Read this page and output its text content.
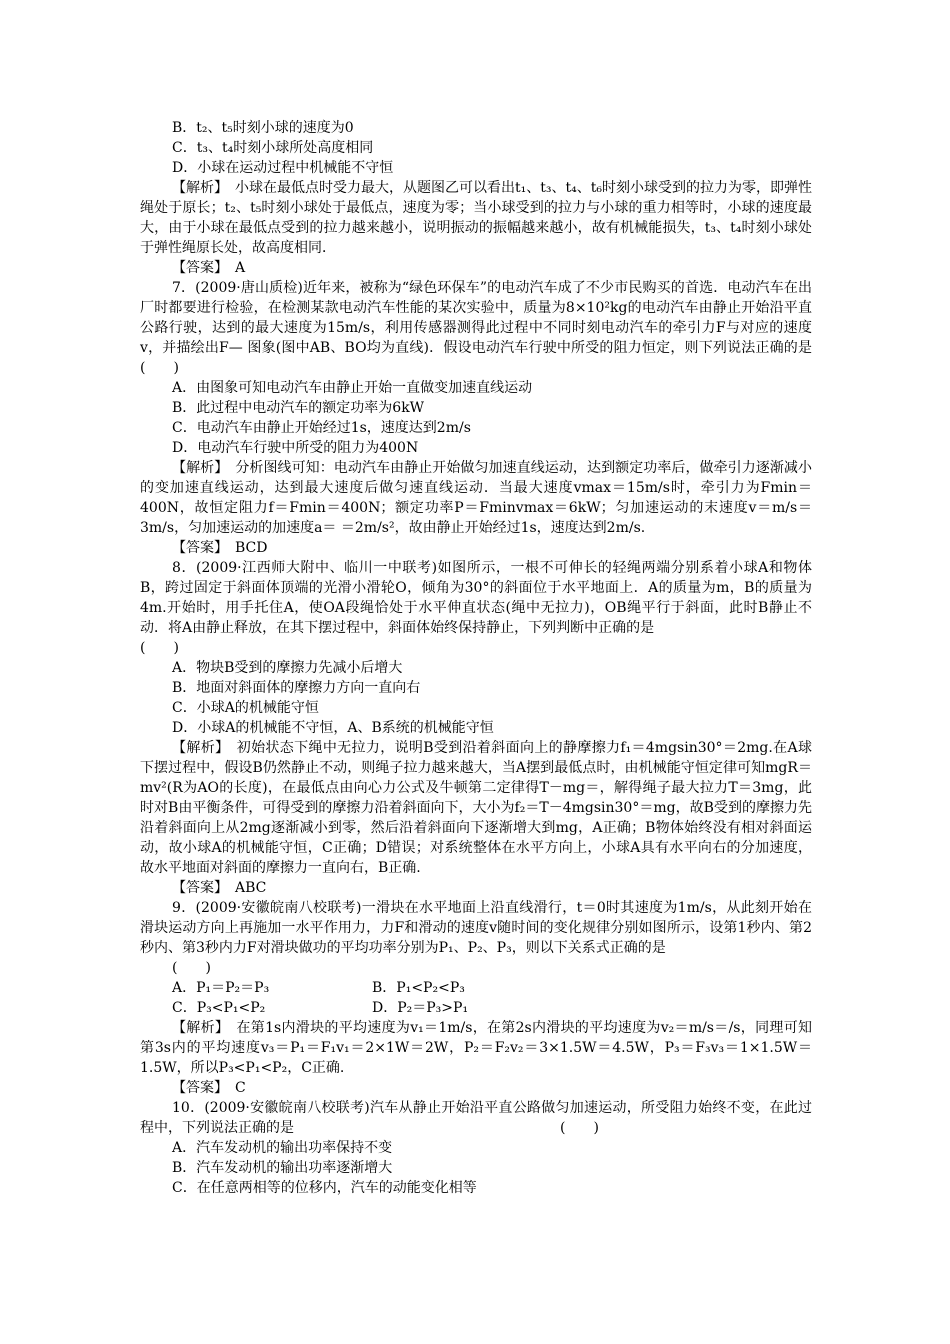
B．t₂、t₅时刻小球的速度为0

C．t₃、t₄时刻小球所处高度相同

D．小球在运动过程中机械能不守恒

【解析】　小球在最低点时受力最大，从题图乙可以看出t₁、t₃、t₄、t₆时刻小球受到的拉力为零，即弹性绳处于原长；t₂、t₅时刻小球处于最低点，速度为零；当小球受到的拉力与小球的重力相等时，小球的速度最大，由于小球在最低点受到的拉力越来越小，说明振动的振幅越来越小，故有机械能损失，t₃、t₄时刻小球处于弹性绳原长处，故高度相同．

【答案】　A

7．(2009·唐山质检)近年来，被称为“绿色环保车”的电动汽车成了不少市民购买的首选．电动汽车在出厂时都要进行检验，在检测某款电动汽车性能的某次实验中，质量为8×10²kg的电动汽车由静止开始沿平直公路行驶，达到的最大速度为15m/s，利用传感器测得此过程中不同时刻电动汽车的牵引力F与对应的速度v，并描绘出F— 图象(图中AB、BO均为直线)．假设电动汽车行驶中所受的阻力恒定，则下列说法正确的是　　　(　　)

A．由图象可知电动汽车由静止开始一直做变加速直线运动

B．此过程中电动汽车的额定功率为6kW

C．电动汽车由静止开始经过1s，速度达到2m/s

D．电动汽车行驶中所受的阻力为400N

【解析】　分析图线可知：电动汽车由静止开始做匀加速直线运动，达到额定功率后，做牵引力逐渐减小的变加速直线运动，达到最大速度后做匀速直线运动．当最大速度vmax＝15m/s时，牵引力为Fmin＝400N，故恒定阻力f＝Fmin＝400N；额定功率P＝Fminvmax＝6kW；匀加速运动的末速度v＝m/s＝3m/s，匀加速运动的加速度a＝ ＝2m/s²，故由静止开始经过1s，速度达到2m/s.

【答案】　BCD

8．(2009·江西师大附中、临川一中联考)如图所示，一根不可伸长的轻绳两端分别系着小球A和物体B，跨过固定于斜面体顶端的光滑小滑轮O，倾角为30°的斜面位于水平地面上．A的质量为m，B的质量为4m.开始时，用手托住A，使OA段绳恰处于水平伸直状态(绳中无拉力)，OB绳平行于斜面，此时B静止不动．将A由静止释放，在其下摆过程中，斜面体始终保持静止，下列判断中正确的是

(　　)

A．物块B受到的摩擦力先减小后增大

B．地面对斜面体的摩擦力方向一直向右

C．小球A的机械能守恒

D．小球A的机械能不守恒，A、B系统的机械能守恒

【解析】　初始状态下绳中无拉力，说明B受到沿着斜面向上的静摩擦力f₁＝4mgsin30°＝2mg.在A球下摆过程中，假设B仍然静止不动，则绳子拉力越来越大，当A摆到最低点时，由机械能守恒定律可知mgR＝mv²(R为AO的长度)，在最低点由向心力公式及牛顿第二定律得T－mg＝，解得绳子最大拉力T＝3mg，此时对B由平衡条件，可得受到的摩擦力沿着斜面向下，大小为f₂＝T－4mgsin30°＝mg，故B受到的摩擦力先沿着斜面向上从2mg逐渐减小到零，然后沿着斜面向下逐渐增大到mg，A正确；B物体始终没有相对斜面运动，故小球A的机械能守恒，C正确；D错误；对系统整体在水平方向上，小球A具有水平向右的分加速度，故水平地面对斜面的摩擦力一直向右，B正确.

【答案】　ABC

9．(2009·安徽皖南八校联考)一滑块在水平地面上沿直线滑行，t＝0时其速度为1m/s，从此刻开始在滑块运动方向上再施加一水平作用力，力F和滑动的速度v随时间的变化规律分别如图所示，设第1秒内、第2秒内、第3秒内力F对滑块做功的平均功率分别为P₁、P₂、P₃，则以下关系式正确的是

(　　)

A．P₁＝P₂＝P₃	B．P₁<P₂<P₃
C．P₃<P₁<P₂	D．P₂＝P₃>P₁

【解析】　在第1s内滑块的平均速度为v₁＝1m/s，在第2s内滑块的平均速度为v₂＝m/s＝/s，同理可知第3s内的平均速度v₃＝P₁＝F₁v₁＝2×1W＝2W，P₂＝F₂v₂＝3×1.5W＝4.5W，P₃＝F₃v₃＝1×1.5W＝1.5W，所以P₃<P₁<P₂，C正确.

【答案】　C

10．(2009·安徽皖南八校联考)汽车从静止开始沿平直公路做匀加速运动，所受阻力始终不变，在此过程中，下列说法正确的是　　　　　　　　　　　　　　　　　　　(　　)

A．汽车发动机的输出功率保持不变

B．汽车发动机的输出功率逐渐增大

C．在任意两相等的位移内，汽车的动能变化相等
